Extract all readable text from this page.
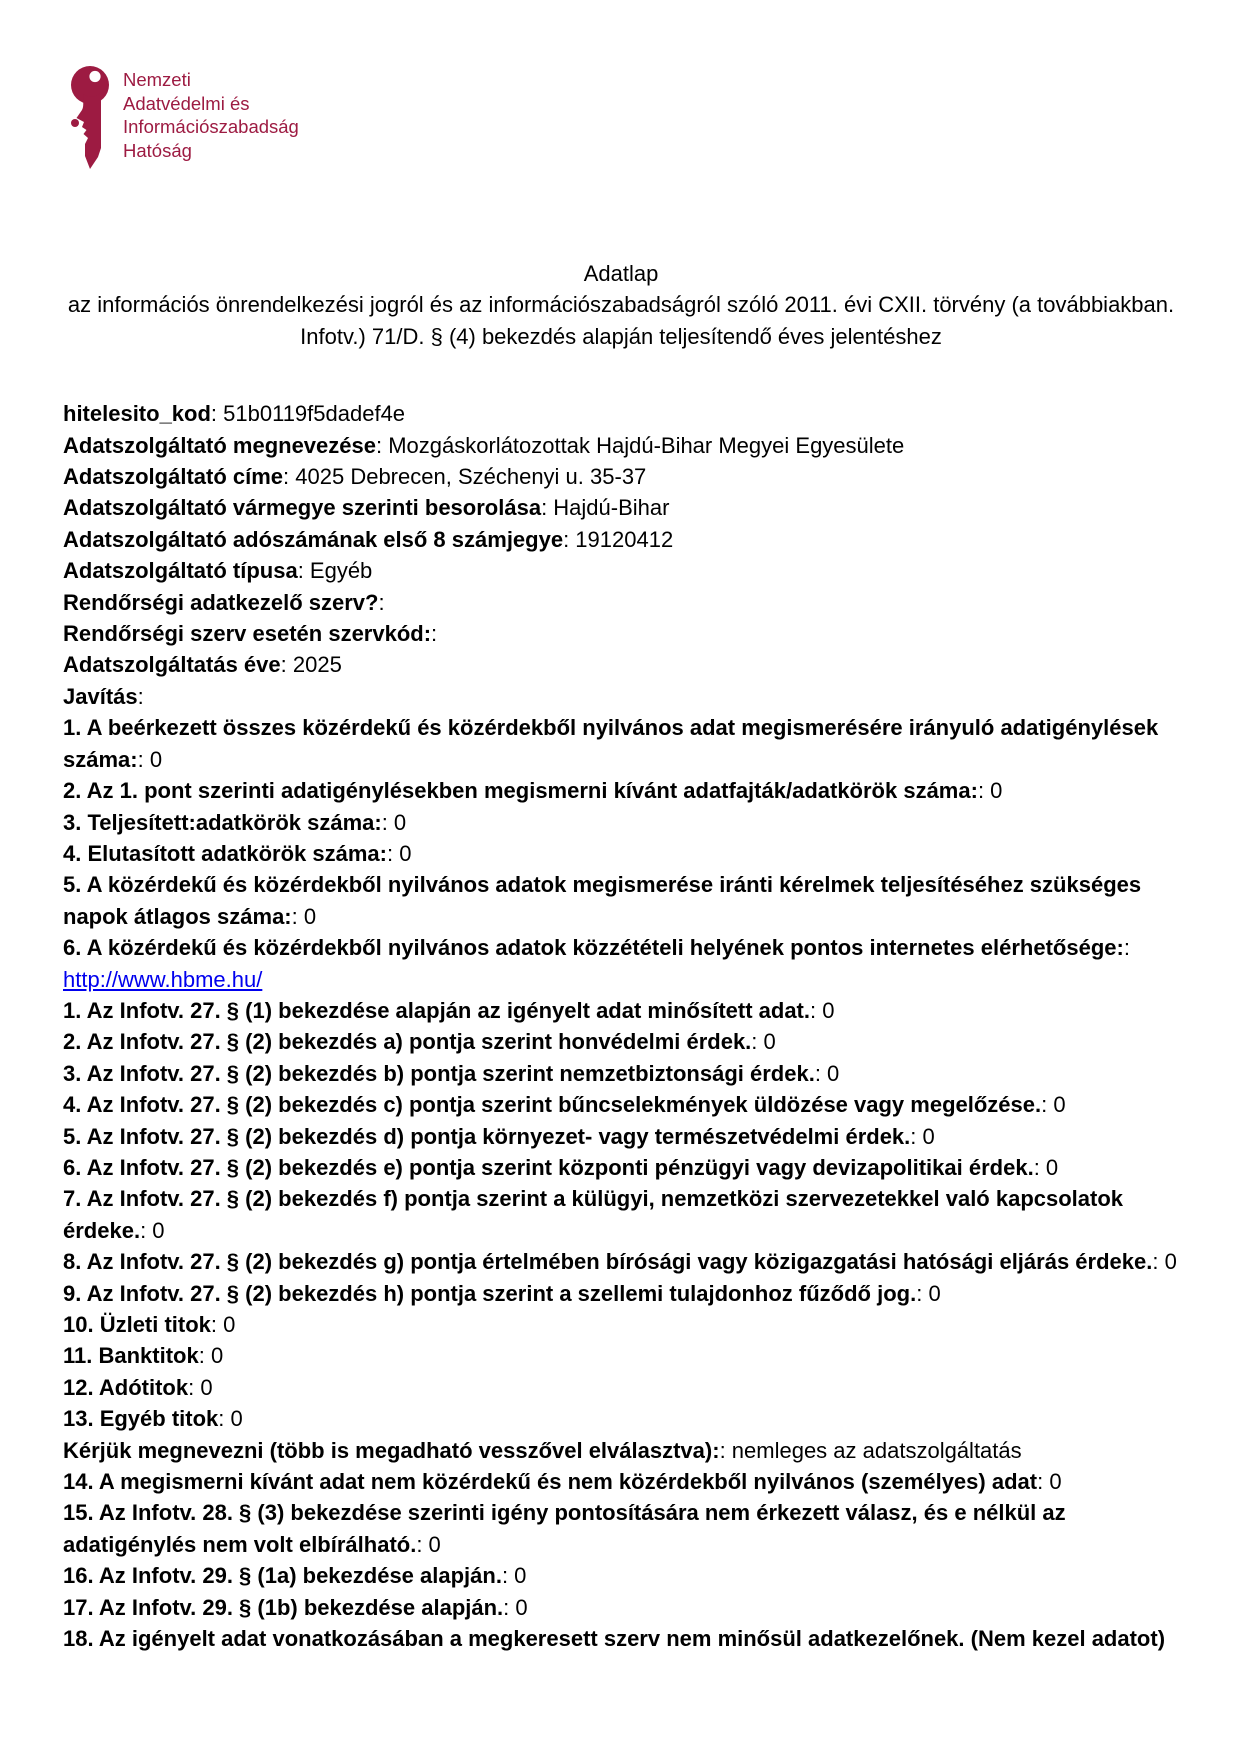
Nemzeti
Adatvédelmi és
Információszabadság
Hatóság

Adatlap

az információs önrendelkezési jogról és az információszabadságról szóló 2011. évi CXII. törvény (a továbbiakban. Infotv.) 71/D. § (4) bekezdés alapján teljesítendő éves jelentéshez

hitelesito_kod: 51b0119f5dadef4e

Adatszolgáltató megnevezése: Mozgáskorlátozottak Hajdú-Bihar Megyei Egyesülete

Adatszolgáltató címe: 4025 Debrecen, Széchenyi u. 35-37

Adatszolgáltató vármegye szerinti besorolása: Hajdú-Bihar

Adatszolgáltató adószámának első 8 számjegye: 19120412

Adatszolgáltató típusa: Egyéb

Rendőrségi adatkezelő szerv?:

Rendőrségi szerv esetén szervkód::

Adatszolgáltatás éve: 2025

Javítás:

1. A beérkezett összes közérdekű és közérdekből nyilvános adat megismerésére irányuló adatigénylések száma:: 0

2. Az 1. pont szerinti adatigénylésekben megismerni kívánt adatfajták/adatkörök száma:: 0

3. Teljesített:adatkörök száma:: 0

4. Elutasított adatkörök száma:: 0

5. A közérdekű és közérdekből nyilvános adatok megismerése iránti kérelmek teljesítéséhez szükséges napok átlagos száma:: 0

6. A közérdekű és közérdekből nyilvános adatok közzétételi helyének pontos internetes elérhetősége::

http://www.hbme.hu/

1. Az Infotv. 27. § (1) bekezdése alapján az igényelt adat minősített adat.: 0

2. Az Infotv. 27. § (2) bekezdés a) pontja szerint honvédelmi érdek.: 0

3. Az Infotv. 27. § (2) bekezdés b) pontja szerint nemzetbiztonsági érdek.: 0

4. Az Infotv. 27. § (2) bekezdés c) pontja szerint bűncselekmények üldözése vagy megelőzése.: 0

5. Az Infotv. 27. § (2) bekezdés d) pontja környezet- vagy természetvédelmi érdek.: 0

6. Az Infotv. 27. § (2) bekezdés e) pontja szerint központi pénzügyi vagy devizapolitikai érdek.: 0

7. Az Infotv. 27. § (2) bekezdés f) pontja szerint a külügyi, nemzetközi szervezetekkel való kapcsolatok érdeke.: 0

8. Az Infotv. 27. § (2) bekezdés g) pontja értelmében bírósági vagy közigazgatási hatósági eljárás érdeke.: 0

9. Az Infotv. 27. § (2) bekezdés h) pontja szerint a szellemi tulajdonhoz fűződő jog.: 0

10. Üzleti titok: 0

11. Banktitok: 0

12. Adótitok: 0

13. Egyéb titok: 0

Kérjük megnevezni (több is megadható vesszővel elválasztva):: nemleges az adatszolgáltatás

14. A megismerni kívánt adat nem közérdekű és nem közérdekből nyilvános (személyes) adat: 0

15. Az Infotv. 28. § (3) bekezdése szerinti igény pontosítására nem érkezett válasz, és e nélkül az adatigénylés nem volt elbírálható.: 0

16. Az Infotv. 29. § (1a) bekezdése alapján.: 0

17. Az Infotv. 29. § (1b) bekezdése alapján.: 0

18. Az igényelt adat vonatkozásában a megkeresett szerv nem minősül adatkezelőnek. (Nem kezel adatot)
